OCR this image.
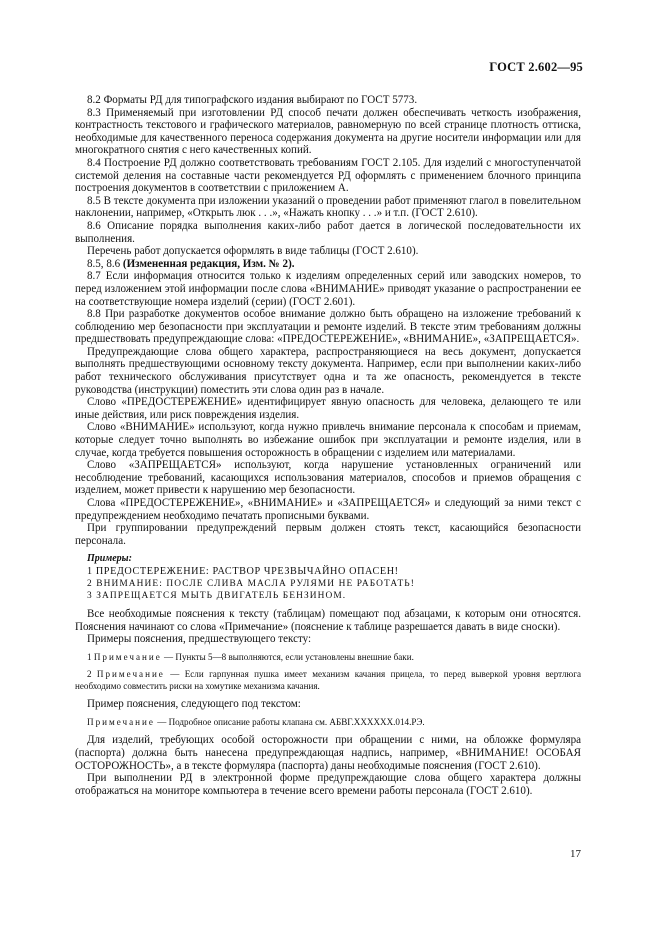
ГОСТ 2.602—95

8.2 Форматы РД для типографского издания выбирают по ГОСТ 5773.

8.3 Применяемый при изготовлении РД способ печати должен обеспечивать четкость изображения, контрастность текстового и графического материалов, равномерную по всей странице плотность оттиска, необходимые для качественного переноса содержания документа на другие носители информации или для многократного снятия с него качественных копий.

8.4 Построение РД должно соответствовать требованиям ГОСТ 2.105. Для изделий с многоступенчатой системой деления на составные части рекомендуется РД оформлять с применением блочного принципа построения документов в соответствии с приложением А.

8.5 В тексте документа при изложении указаний о проведении работ применяют глагол в повелительном наклонении, например, «Открыть люк . . .», «Нажать кнопку . . .» и т.п. (ГОСТ 2.610).

8.6 Описание порядка выполнения каких-либо работ дается в логической последовательности их выполнения.

Перечень работ допускается оформлять в виде таблицы (ГОСТ 2.610).

8.5, 8.6 (Измененная редакция, Изм. № 2).

8.7 Если информация относится только к изделиям определенных серий или заводских номеров, то перед изложением этой информации после слова «ВНИМАНИЕ» приводят указание о распространении ее на соответствующие номера изделий (серии) (ГОСТ 2.601).

8.8 При разработке документов особое внимание должно быть обращено на изложение требований к соблюдению мер безопасности при эксплуатации и ремонте изделий. В тексте этим требованиям должны предшествовать предупреждающие слова: «ПРЕДОСТЕРЕЖЕНИЕ», «ВНИМАНИЕ», «ЗАПРЕЩАЕТСЯ».

Предупреждающие слова общего характера, распространяющиеся на весь документ, допускается выполнять предшествующими основному тексту документа. Например, если при выполнении каких-либо работ технического обслуживания присутствует одна и та же опасность, рекомендуется в тексте руководства (инструкции) поместить эти слова один раз в начале.

Слово «ПРЕДОСТЕРЕЖЕНИЕ» идентифицирует явную опасность для человека, делающего те или иные действия, или риск повреждения изделия.

Слово «ВНИМАНИЕ» используют, когда нужно привлечь внимание персонала к способам и приемам, которые следует точно выполнять во избежание ошибок при эксплуатации и ремонте изделия, или в случае, когда требуется повышения осторожность в обращении с изделием или материалами.

Слово «ЗАПРЕЩАЕТСЯ» используют, когда нарушение установленных ограничений или несоблюдение требований, касающихся использования материалов, способов и приемов обращения с изделием, может привести к нарушению мер безопасности.

Слова «ПРЕДОСТЕРЕЖЕНИЕ», «ВНИМАНИЕ» и «ЗАПРЕЩАЕТСЯ» и следующий за ними текст с предупреждением необходимо печатать прописными буквами.

При группировании предупреждений первым должен стоять текст, касающийся безопасности персонала.

Примеры:

1 ПРЕДОСТЕРЕЖЕНИЕ: РАСТВОР ЧРЕЗВЫЧАЙНО ОПАСЕН!

2 ВНИМАНИЕ: ПОСЛЕ СЛИВА МАСЛА РУЛЯМИ НЕ РАБОТАТЬ!

3 ЗАПРЕЩАЕТСЯ МЫТЬ ДВИГАТЕЛЬ БЕНЗИНОМ.

Все необходимые пояснения к тексту (таблицам) помещают под абзацами, к которым они относятся. Пояснения начинают со слова «Примечание» (пояснение к таблице разрешается давать в виде сноски).

Примеры пояснения, предшествующего тексту:

1 Примечание — Пункты 5—8 выполняются, если установлены внешние баки.

2 Примечание — Если гарпунная пушка имеет механизм качания прицела, то перед выверкой уровня вертлюга необходимо совместить риски на хомутике механизма качания.

Пример пояснения, следующего под текстом:

Примечание — Подробное описание работы клапана см. АБВГ.XXXXXX.014.РЭ.

Для изделий, требующих особой осторожности при обращении с ними, на обложке формуляра (паспорта) должна быть нанесена предупреждающая надпись, например, «ВНИМАНИЕ! ОСОБАЯ ОСТОРОЖНОСТЬ», а в тексте формуляра (паспорта) даны необходимые пояснения (ГОСТ 2.610).

При выполнении РД в электронной форме предупреждающие слова общего характера должны отображаться на мониторе компьютера в течение всего времени работы персонала (ГОСТ 2.610).

17
